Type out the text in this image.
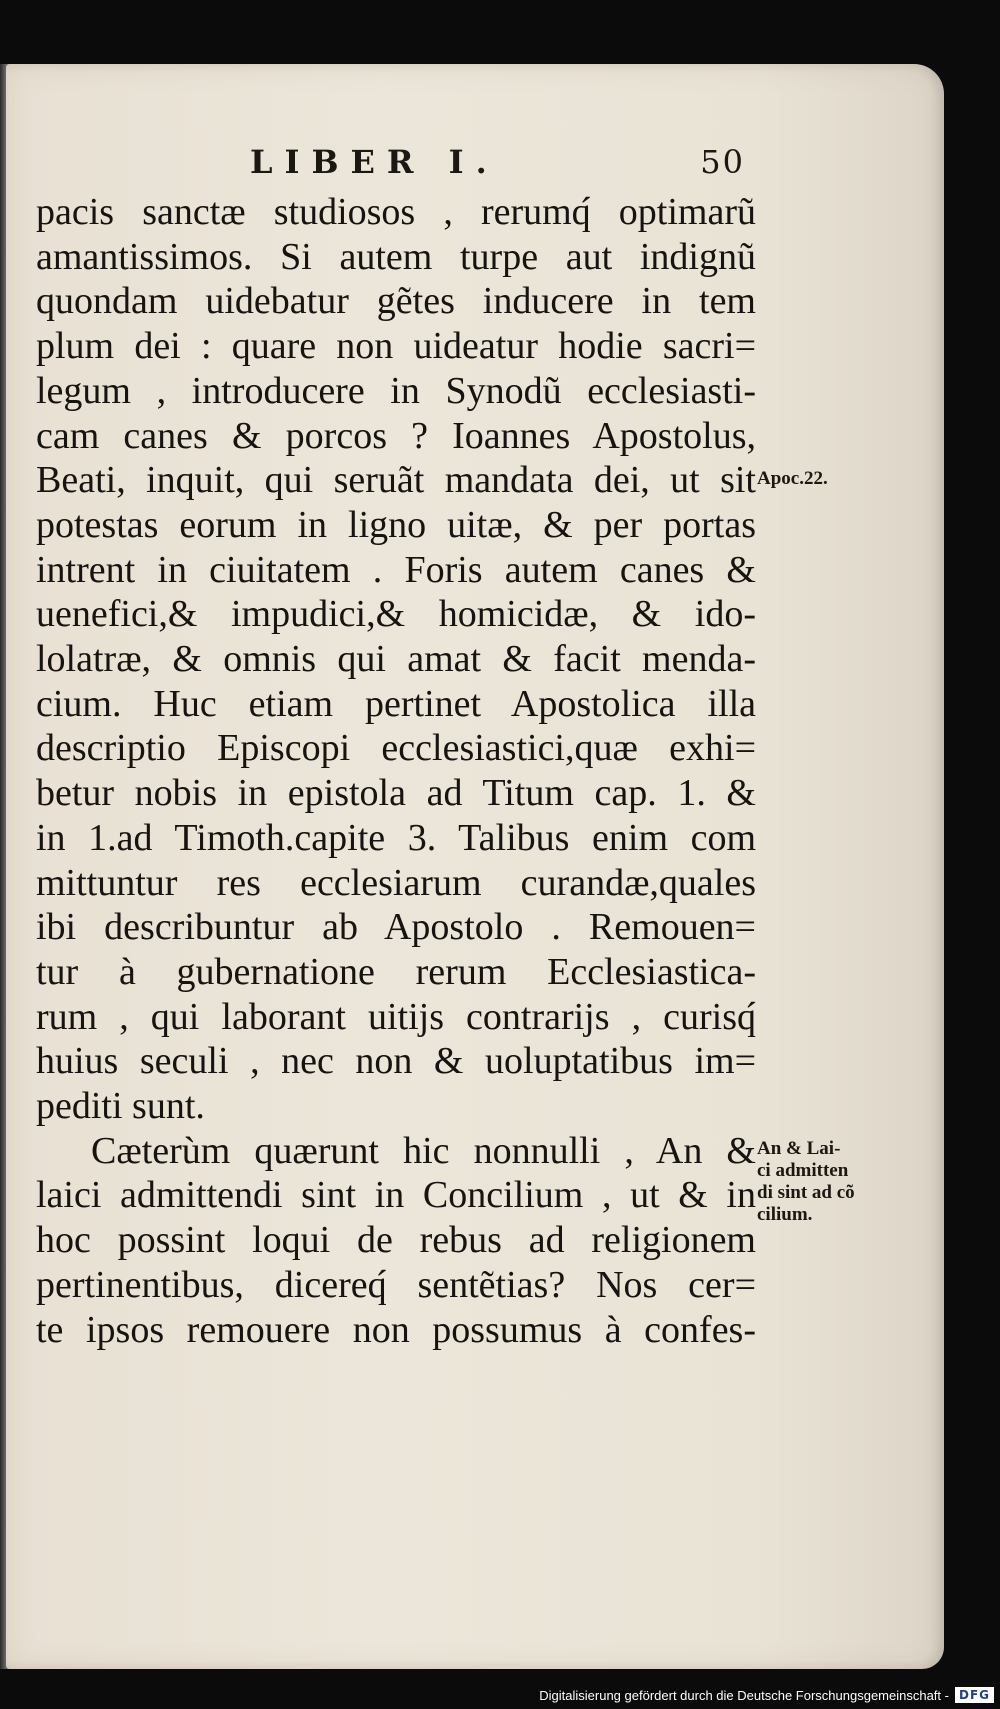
LIBER I.	50
pacis sanctæ studiosos , rerumq́ optimarũ
amantissimos. Si autem turpe aut indignũ
quondam uidebatur gẽtes inducere in tem
plum dei : quare non uideatur hodie sacri=
legum , introducere in Synodũ ecclesiasti-
cam canes & porcos ? Ioannes Apostolus,
Beati, inquit, qui seruãt mandata dei, ut sit
potestas eorum in ligno uitæ, & per portas
intrent in ciuitatem . Foris autem canes &
uenefici,& impudici,& homicidæ, & ido-
lolatræ, & omnis qui amat & facit menda-
cium. Huc etiam pertinet Apostolica illa
descriptio Episcopi ecclesiastici,quæ exhi=
betur nobis in epistola ad Titum cap. 1. &
in 1.ad Timoth.capite 3. Talibus enim com
mittuntur res ecclesiarum curandæ,quales
ibi describuntur ab Apostolo . Remouen=
tur à gubernatione rerum Ecclesiastica-
rum , qui laborant uitijs contrarijs , curisq́
huius seculi , nec non & uoluptatibus im=
pediti sunt.
Cæterùm quærunt hic nonnulli , An &
laici admittendi sint in Concilium , ut & in
hoc possint loqui de rebus ad religionem
pertinentibus, dicereq́ sentẽtias? Nos cer=
te ipsos remouere non possumus à confes-
Apoc.22.
An & Lai-
ci admitten
di sint ad cõ
cilium.
Digitalisierung gefördert durch die Deutsche Forschungsgemeinschaft - DFG
